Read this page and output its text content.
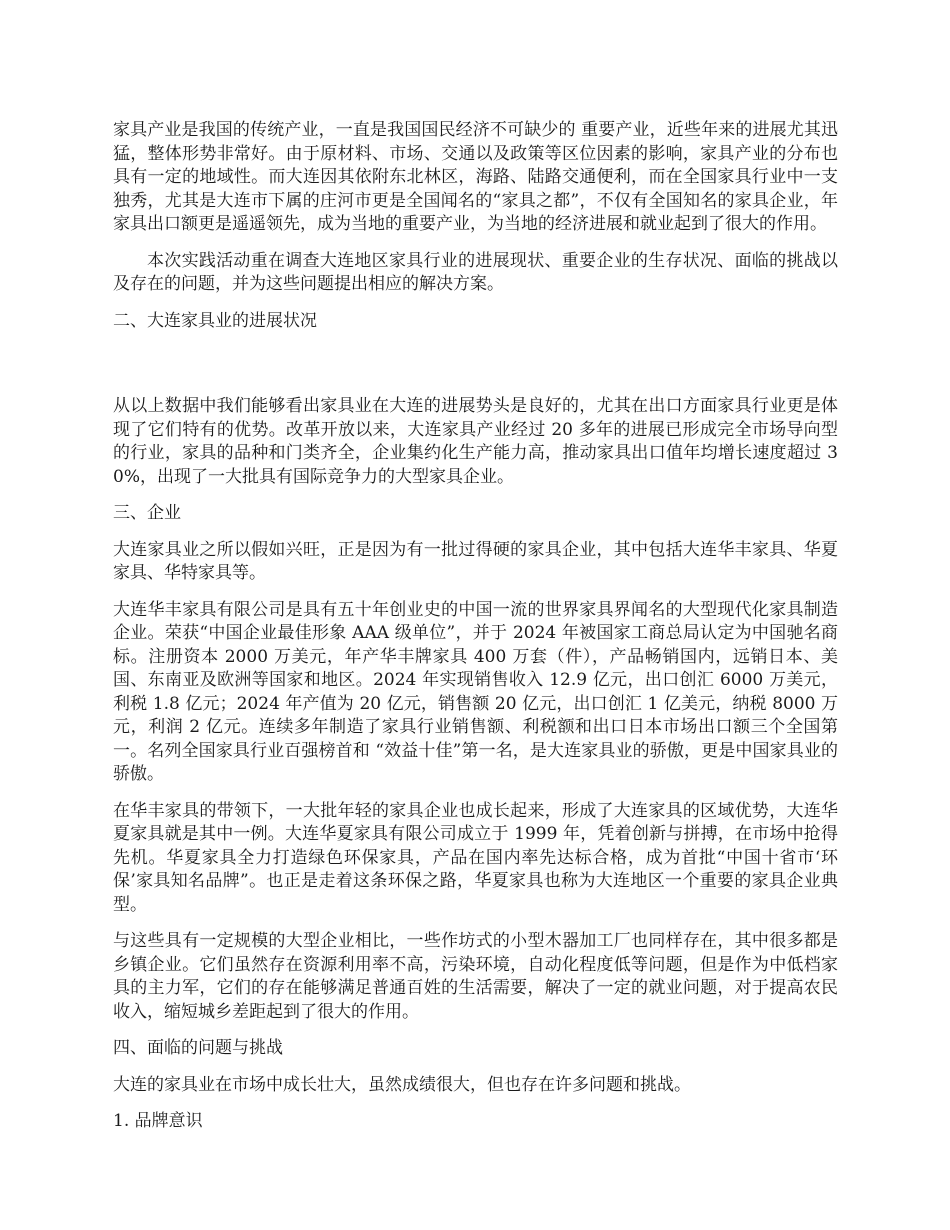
家具产业是我国的传统产业，一直是我国国民经济不可缺少的 重要产业，近些年来的进展尤其迅猛，整体形势非常好。由于原材料、市场、交通以及政策等区位因素的影响，家具产业的分布也具有一定的地域性。而大连因其依附东北林区，海路、陆路交通便利，而在全国家具行业中一支独秀，尤其是大连市下属的庄河市更是全国闻名的“家具之都”，不仅有全国知名的家具企业，年家具出口额更是遥遥领先，成为当地的重要产业，为当地的经济进展和就业起到了很大的作用。

本次实践活动重在调查大连地区家具行业的进展现状、重要企业的生存状况、面临的挑战以及存在的问题，并为这些问题提出相应的解决方案。

二、大连家具业的进展状况

从以上数据中我们能够看出家具业在大连的进展势头是良好的，尤其在出口方面家具行业更是体现了它们特有的优势。改革开放以来，大连家具产业经过 20 多年的进展已形成完全市场导向型的行业，家具的品种和门类齐全，企业集约化生产能力高，推动家具出口值年均增长速度超过 30%，出现了一大批具有国际竞争力的大型家具企业。

三、企业

大连家具业之所以假如兴旺，正是因为有一批过得硬的家具企业，其中包括大连华丰家具、华夏家具、华特家具等。

大连华丰家具有限公司是具有五十年创业史的中国一流的世界家具界闻名的大型现代化家具制造企业。荣获“中国企业最佳形象 AAA 级单位”，并于 2024 年被国家工商总局认定为中国驰名商标。注册资本 2000 万美元，年产华丰牌家具 400 万套（件），产品畅销国内，远销日本、美国、东南亚及欧洲等国家和地区。2024 年实现销售收入 12.9 亿元，出口创汇 6000 万美元，利税 1.8 亿元；2024 年产值为 20 亿元，销售额 20 亿元，出口创汇 1 亿美元，纳税 8000 万元，利润 2 亿元。连续多年制造了家具行业销售额、利税额和出口日本市场出口额三个全国第一。名列全国家具行业百强榜首和 “效益十佳”第一名，是大连家具业的骄傲，更是中国家具业的骄傲。

在华丰家具的带领下，一大批年轻的家具企业也成长起来，形成了大连家具的区域优势，大连华夏家具就是其中一例。大连华夏家具有限公司成立于 1999 年，凭着创新与拼搏，在市场中抢得先机。华夏家具全力打造绿色环保家具，产品在国内率先达标合格，成为首批“中国十省市‘环保’家具知名品牌”。也正是走着这条环保之路，华夏家具也称为大连地区一个重要的家具企业典型。

与这些具有一定规模的大型企业相比，一些作坊式的小型木器加工厂也同样存在，其中很多都是乡镇企业。它们虽然存在资源利用率不高，污染环境，自动化程度低等问题，但是作为中低档家具的主力军，它们的存在能够满足普通百姓的生活需要，解决了一定的就业问题，对于提高农民收入，缩短城乡差距起到了很大的作用。

四、面临的问题与挑战

大连的家具业在市场中成长壮大，虽然成绩很大，但也存在许多问题和挑战。

1. 品牌意识
